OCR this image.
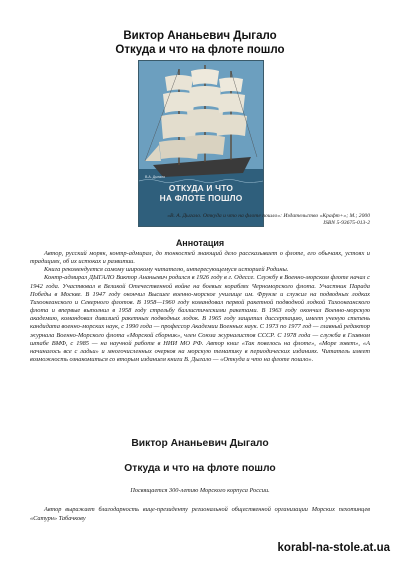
Виктор Ананьевич Дыгало
Откуда и что на флоте пошло
В.А. Дыгало
ОТКУДА И ЧТО
НА ФЛОТЕ ПОШЛО
«В. А. Дыгало. Откуда и что на флоте пошло»: Издательство «Крафт+»; М.; 2000
ISBN 5-93675-013-2
Аннотация

Автор, русский моряк, контр-адмирал, до тонкостей знающий дело рассказывает о флоте, его обычаях, устоях и традициях, об их истоках и развитии.

Книга рекомендуется самому широкому читателю, интересующемуся историей Родины.

Контр-адмирал ДЫГАЛО Виктор Ананьевич родился в 1926 году в г. Одессе. Службу в Военно-морском флоте начал с 1942 года. Участвовал в Великой Отечественной войне на боевых кораблях Черноморского флота. Участник Парада Победы в Москве. В 1947 году окончил Высшее военно-морское училище им. Фрунзе и служил на подводных лодках Тихоокеанского и Северного флотов. В 1958—1960 году командовал первой ракетной подводной лодкой Тихоокеанского флота и впервые выполнил в 1958 году стрельбу баллистическими ракетами. В 1963 году окончил Военно-морскую академию, командовал дивизией ракетных подводных лодок. В 1965 году защитил диссертацию, имеет ученую степень кандидата военно-морских наук, с 1990 года — профессор Академии Военных наук. С 1973 по 1977 год — главный редактор журнала Военно-Морского флота «Морской сборник», член Союза журналистов СССР. С 1978 года — служба в Главном штабе ВМФ, с 1985 — на научной работе в НИИ МО РФ. Автор книг «Так повелось на флоте», «Море зовет», «А начиналось все с ладьи» и многочисленных очерков на морскую тематику в периодических изданиях. Читатель имеет возможность ознакомиться со вторым изданием книги В. Дыгало — «Откуда и что на флоте пошло».

Виктор Ананьевич Дыгало
Откуда и что на флоте пошло
Посвящается 300-летию Морского корпуса России.

Автор выражает благодарность вице-президенту региональной общественной организации Морских пехотинцев «Сатурн» Табачкову

korabl-na-stole.at.ua
